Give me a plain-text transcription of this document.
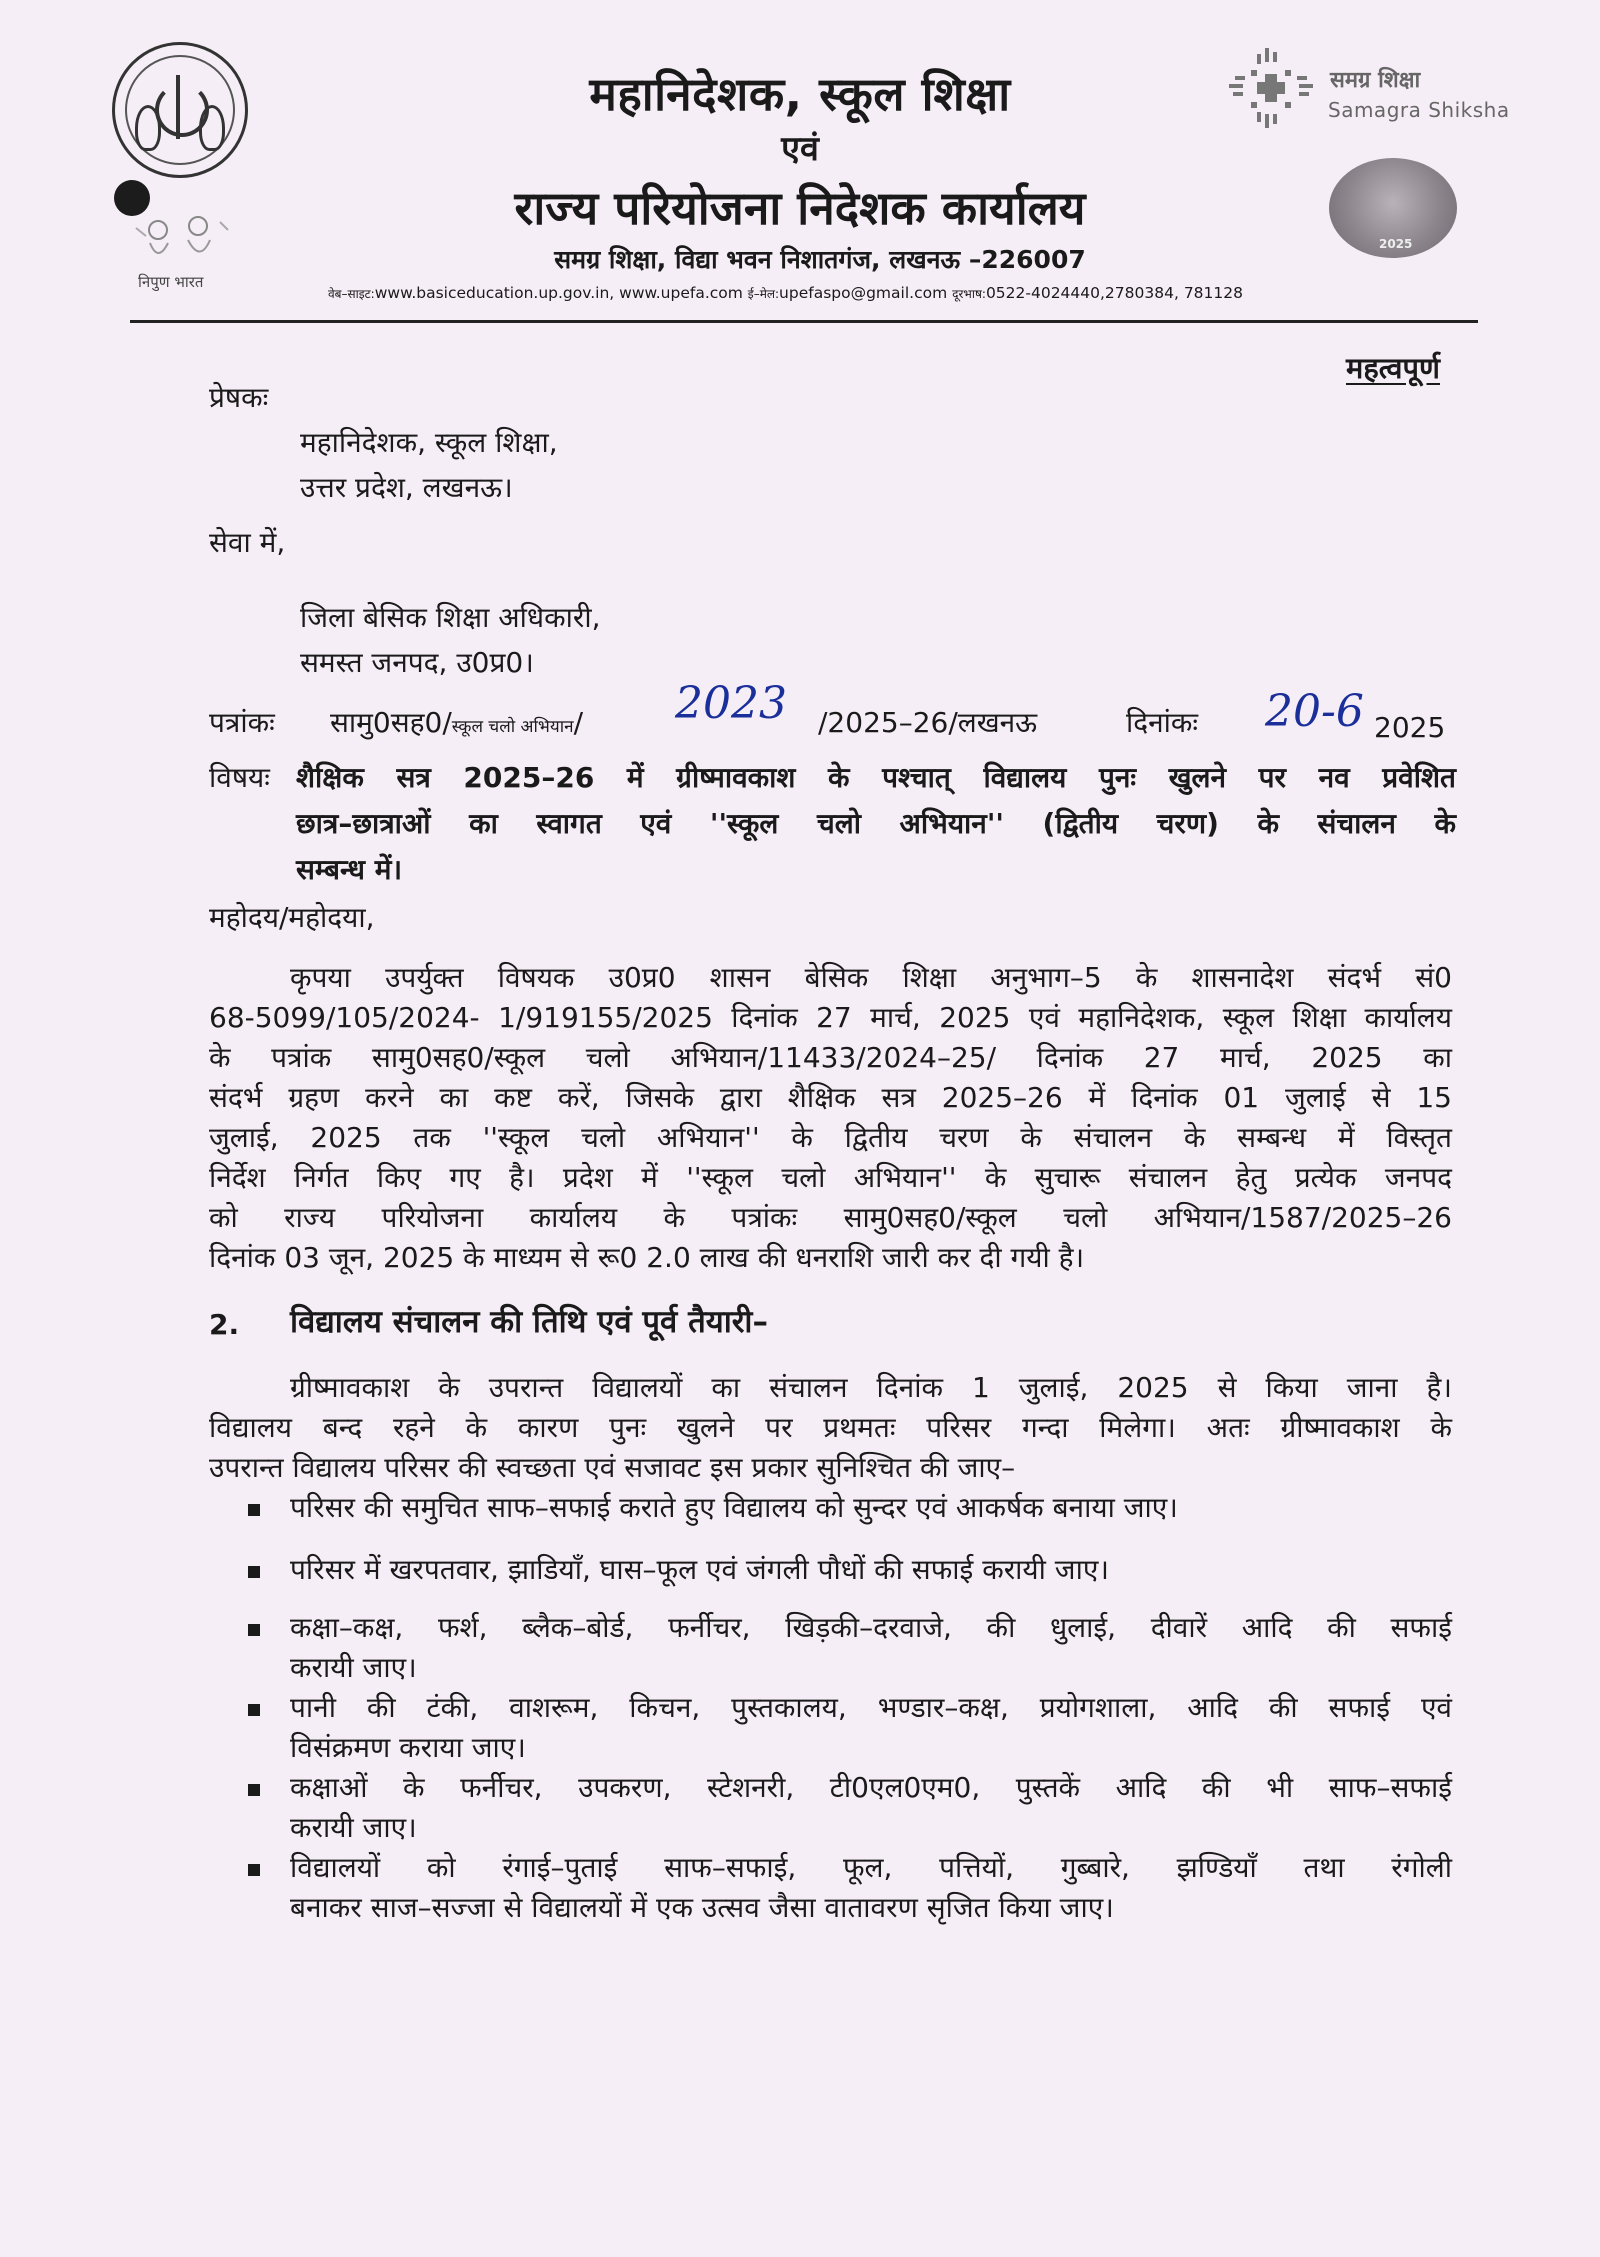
निपुण भारत
महानिदेशक, स्कूल शिक्षा
एवं
राज्य परियोजना निदेशक कार्यालय
समग्र शिक्षा, विद्या भवन निशातगंज, लखनऊ –226007
वेब–साइट:www.basiceducation.up.gov.in, www.upefa.com ई–मेल:upefaspo@gmail.com दूरभाष:0522-4024440,2780384, 781128
समग्र शिक्षा
Samagra Shiksha
2025
महत्वपूर्ण
प्रेषकः
महानिदेशक, स्कूल शिक्षा,
उत्तर प्रदेश, लखनऊ।
सेवा में,
जिला बेसिक शिक्षा अधिकारी,
समस्त जनपद, उ0प्र0।
पत्रांकः सामु0सह0/स्कूल चलो अभियान/ 2023 /2025–26/लखनऊ	दिनांकः 20-6 2025
विषयः शैक्षिक सत्र 2025–26 में ग्रीष्मावकाश के पश्चात् विद्यालय पुनः खुलने पर नव प्रवेशित
छात्र–छात्राओं का स्वागत एवं ''स्कूल चलो अभियान'' (द्वितीय चरण) के संचालन के
सम्बन्ध में।
महोदय/महोदया,
कृपया उपर्युक्त विषयक उ0प्र0 शासन बेसिक शिक्षा अनुभाग–5 के शासनादेश संदर्भ सं0
68-5099/105/2024- 1/919155/2025 दिनांक 27 मार्च, 2025 एवं महानिदेशक, स्कूल शिक्षा कार्यालय
के पत्रांक सामु0सह0/स्कूल चलो अभियान/11433/2024–25/ दिनांक 27 मार्च, 2025 का
संदर्भ ग्रहण करने का कष्ट करें, जिसके द्वारा शैक्षिक सत्र 2025–26 में दिनांक 01 जुलाई से 15
जुलाई, 2025 तक ''स्कूल चलो अभियान'' के द्वितीय चरण के संचालन के सम्बन्ध में विस्तृत
निर्देश निर्गत किए गए है। प्रदेश में ''स्कूल चलो अभियान'' के सुचारू संचालन हेतु प्रत्येक जनपद
को राज्य परियोजना कार्यालय के पत्रांकः सामु0सह0/स्कूल चलो अभियान/1587/2025–26
दिनांक 03 जून, 2025 के माध्यम से रू0 2.0 लाख की धनराशि जारी कर दी गयी है।
2. विद्यालय संचालन की तिथि एवं पूर्व तैयारी–
ग्रीष्मावकाश के उपरान्त विद्यालयों का संचालन दिनांक 1 जुलाई, 2025 से किया जाना है।
विद्यालय बन्द रहने के कारण पुनः खुलने पर प्रथमतः परिसर गन्दा मिलेगा। अतः ग्रीष्मावकाश के
उपरान्त विद्यालय परिसर की स्वच्छता एवं सजावट इस प्रकार सुनिश्चित की जाए–
परिसर की समुचित साफ–सफाई कराते हुए विद्यालय को सुन्दर एवं आकर्षक बनाया जाए।
परिसर में खरपतवार, झाडियाँ, घास–फूल एवं जंगली पौधों की सफाई करायी जाए।
कक्षा–कक्ष, फर्श, ब्लैक–बोर्ड, फर्नीचर, खिड़की–दरवाजे, की धुलाई, दीवारें आदि की सफाई
करायी जाए।
पानी की टंकी, वाशरूम, किचन, पुस्तकालय, भण्डार–कक्ष, प्रयोगशाला, आदि की सफाई एवं
विसंक्रमण कराया जाए।
कक्षाओं के फर्नीचर, उपकरण, स्टेशनरी, टी0एल0एम0, पुस्तकें आदि की भी साफ–सफाई
करायी जाए।
विद्यालयों को रंगाई–पुताई साफ–सफाई, फूल, पत्तियों, गुब्बारे, झण्डियाँ तथा रंगोली
बनाकर साज–सज्जा से विद्यालयों में एक उत्सव जैसा वातावरण सृजित किया जाए।
